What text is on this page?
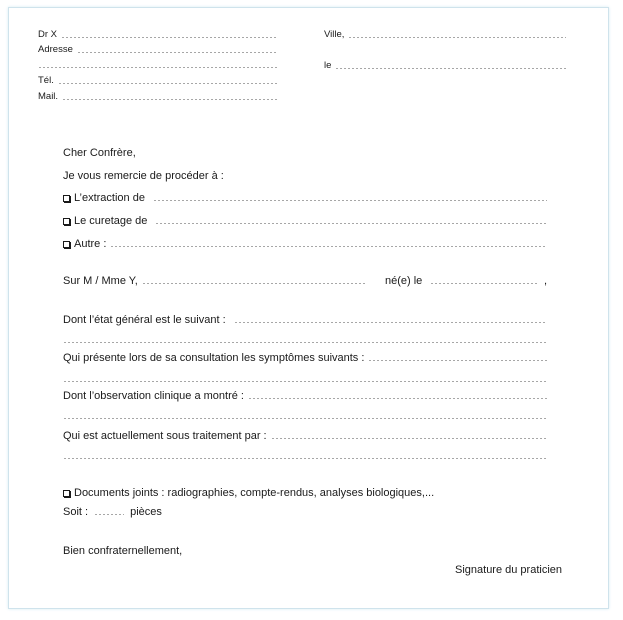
Dr X
Adresse
Tél.
Mail.
Ville,
le
Cher Confrère,
Je vous remercie de procéder à :
L’extraction de
Le curetage de
Autre :
Sur M / Mme Y,	né(e) le	,
Dont l’état général est le suivant :
Qui présente lors de sa consultation les symptômes suivants :
Dont l’observation clinique a montré :
Qui est actuellement sous traitement par :
Documents joints : radiographies, compte-rendus, analyses biologiques,...
Soit :	pièces
Bien confraternellement,
Signature du praticien
